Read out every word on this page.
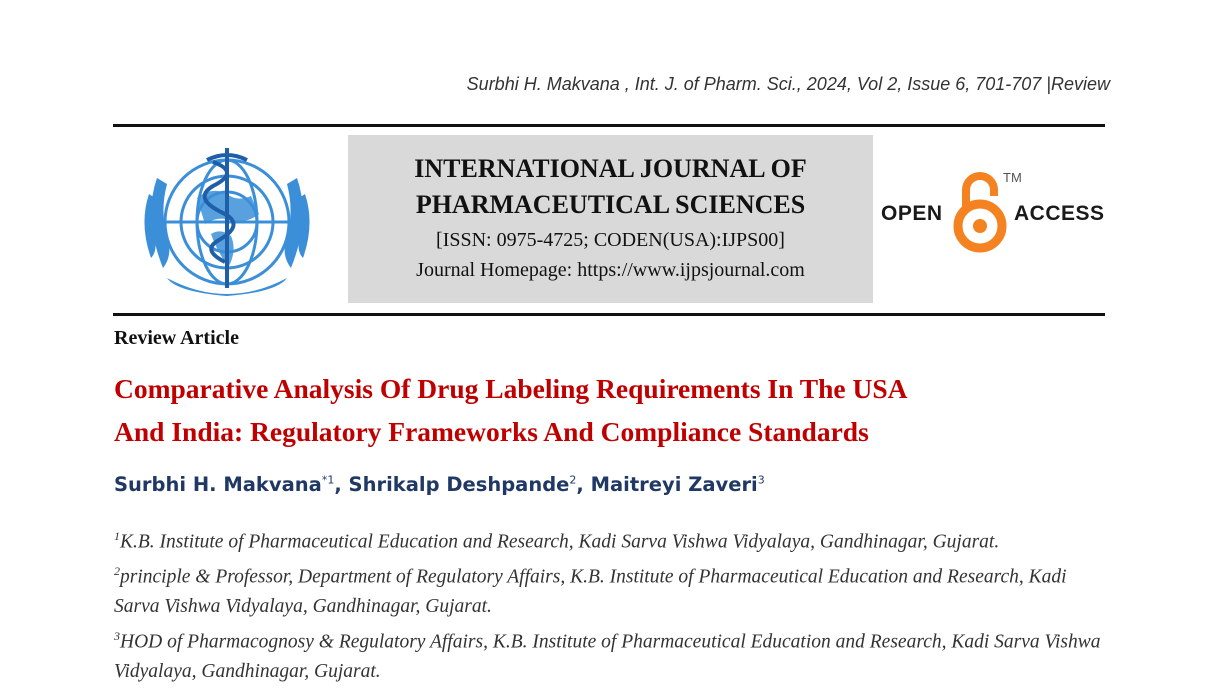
Surbhi H. Makvana , Int. J. of Pharm. Sci., 2024, Vol 2, Issue 6, 701-707 |Review
INTERNATIONAL JOURNAL OF
PHARMACEUTICAL SCIENCES
[ISSN: 0975-4725; CODEN(USA):IJPS00]
Journal Homepage: https://www.ijpsjournal.com
OPEN
TM
ACCESS
Review Article
Comparative Analysis Of Drug Labeling Requirements In The USA
And India: Regulatory Frameworks And Compliance Standards
Surbhi H. Makvana$^{*1}$, Shrikalp Deshpande$^2$, Maitreyi Zaveri$^3$

$^1$K.B. Institute of Pharmaceutical Education and Research, Kadi Sarva Vishwa Vidyalaya, Gandhinagar, Gujarat.

$^2$principle & Professor, Department of Regulatory Affairs, K.B. Institute of Pharmaceutical Education and Research, Kadi Sarva Vishwa Vidyalaya, Gandhinagar, Gujarat.

$^3$HOD of Pharmacognosy & Regulatory Affairs, K.B. Institute of Pharmaceutical Education and Research, Kadi Sarva Vishwa Vidyalaya, Gandhinagar, Gujarat.
